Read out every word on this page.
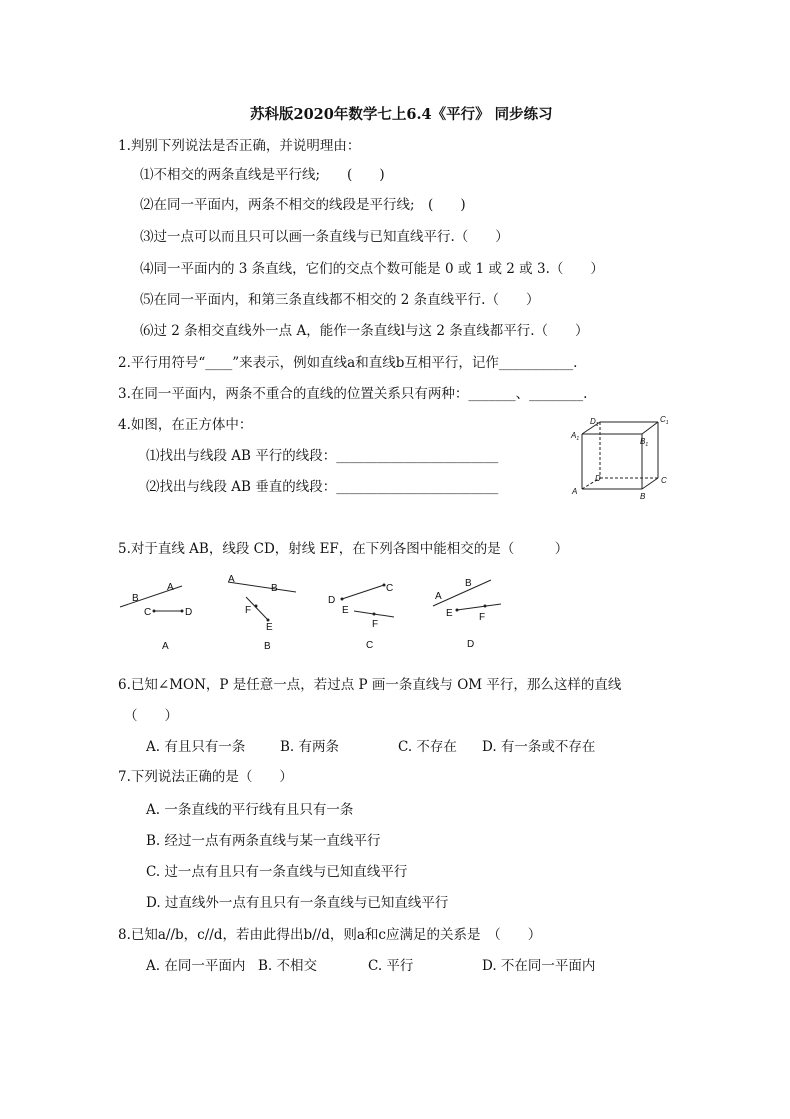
苏科版2020年数学七上6.4《平行》 同步练习
1.判别下列说法是否正确，并说明理由：
⑴不相交的两条直线是平行线;　　(　　)
⑵在同一平面内，两条不相交的线段是平行线;　(　　)
⑶过一点可以而且只可以画一条直线与已知直线平行.（　　）
⑷同一平面内的 3 条直线，它们的交点个数可能是 0 或 1 或 2 或 3.（　　）
⑸在同一平面内，和第三条直线都不相交的 2 条直线平行.（　　）
⑹过 2 条相交直线外一点 A，能作一条直线l与这 2 条直线都平行.（　　）
2.平行用符号“____”来表示，例如直线a和直线b互相平行，记作___________.
3.在同一平面内，两条不重合的直线的位置关系只有两种：_______、________.
4.如图，在正方体中：
⑴找出与线段 AB 平行的线段：________________________
⑵找出与线段 AB 垂直的线段：________________________
$A_1$
$D_1$
$B_1$
$C_1$
A
B
C
D
5.对于直线 AB，线段 CD，射线 EF，在下列各图中能相交的是（　　　）
A
B
C	D
A
A
B
F
E
B
C
D
E
F
C
B
A
E	F
D
6.已知∠MON，P 是任意一点，若过点 P 画一条直线与 OM 平行，那么这样的直线
（　　）
A. 有且只有一条	B. 有两条	C. 不存在 D. 有一条或不存在
7.下列说法正确的是（　　）
A. 一条直线的平行线有且只有一条
B. 经过一点有两条直线与某一直线平行
C. 过一点有且只有一条直线与已知直线平行
D. 过直线外一点有且只有一条直线与已知直线平行
8.已知a//b，c//d，若由此得出b//d，则a和c应满足的关系是　（　　）
A. 在同一平面内 B. 不相交	C. 平行	D. 不在同一平面内
